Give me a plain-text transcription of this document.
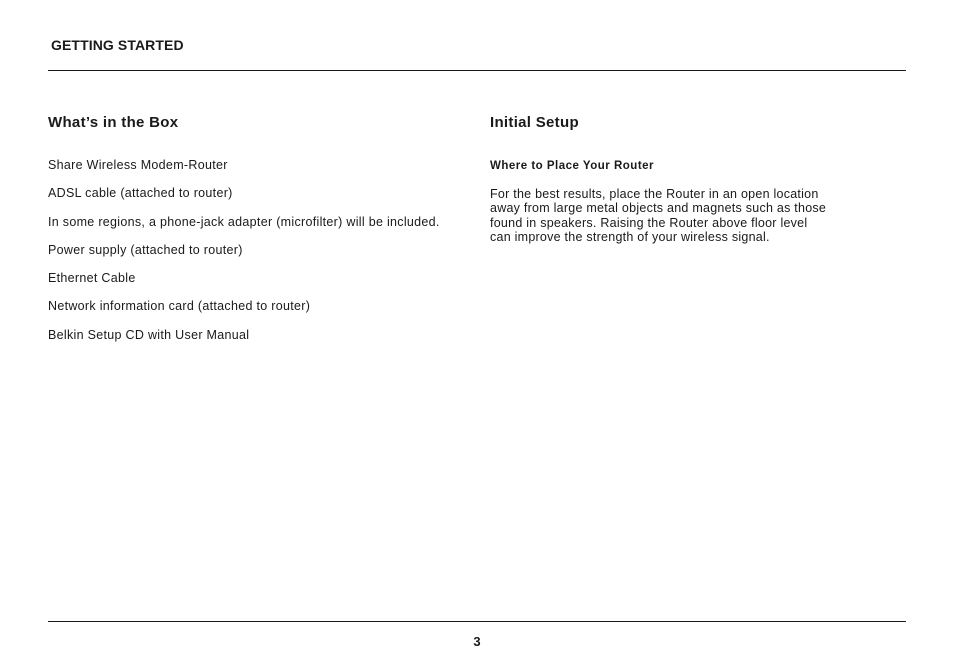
GETTING STARTED
What’s in the Box
Share Wireless Modem-Router
ADSL cable (attached to router)
In some regions, a phone-jack adapter (microfilter) will be included.
Power supply (attached to router)
Ethernet Cable
Network information card (attached to router)
Belkin Setup CD with User Manual
Initial Setup
Where to Place Your Router

For the best results, place the Router in an open location
away from large metal objects and magnets such as those
found in speakers. Raising the Router above floor level
can improve the strength of your wireless signal.

3
